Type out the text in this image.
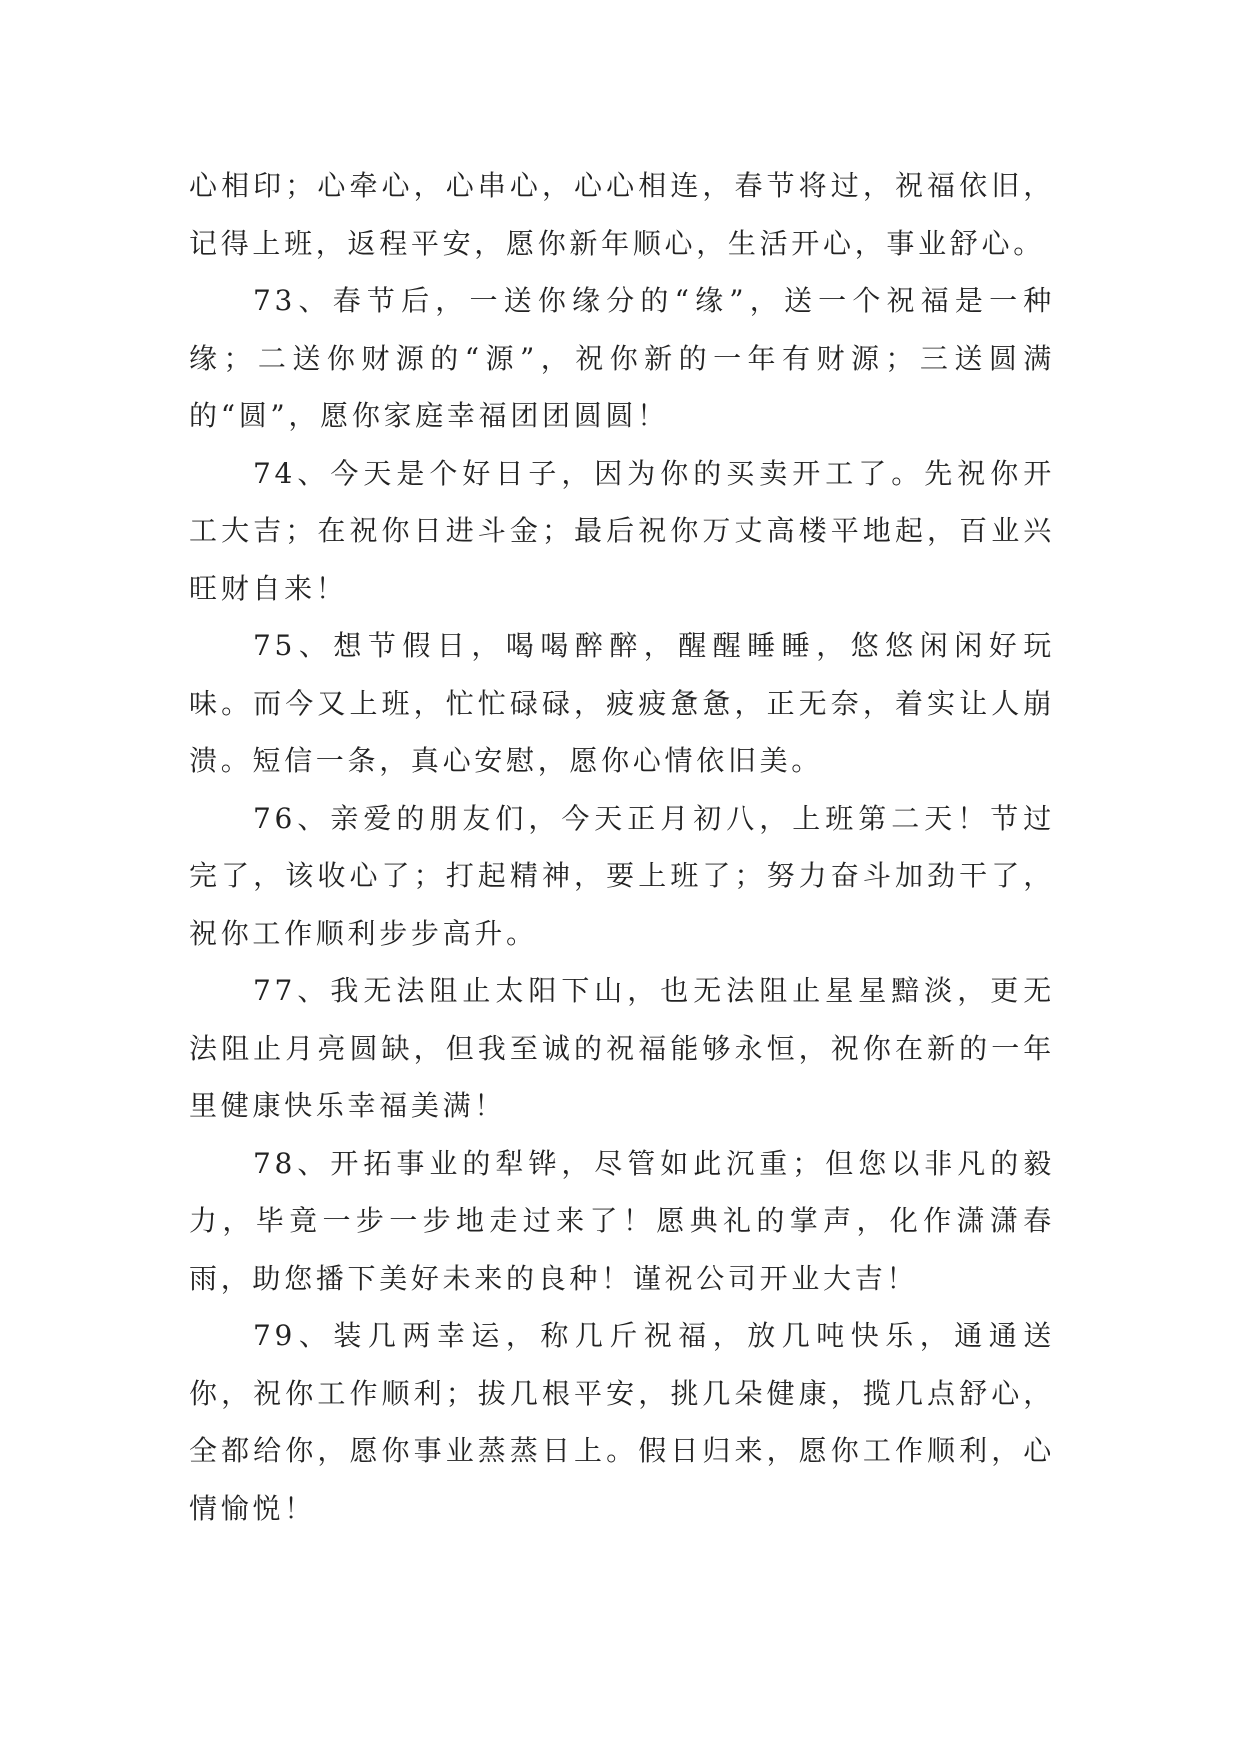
心相印；心牵心，心串心，心心相连，春节将过，祝福依旧，记得上班，返程平安，愿你新年顺心，生活开心，事业舒心。

73、春节后，一送你缘分的“缘”，送一个祝福是一种缘；二送你财源的“源”，祝你新的一年有财源；三送圆满的“圆”，愿你家庭幸福团团圆圆！

74、今天是个好日子，因为你的买卖开工了。先祝你开工大吉；在祝你日进斗金；最后祝你万丈高楼平地起，百业兴旺财自来！

75、想节假日，喝喝醉醉，醒醒睡睡，悠悠闲闲好玩味。而今又上班，忙忙碌碌，疲疲惫惫，正无奈，着实让人崩溃。短信一条，真心安慰，愿你心情依旧美。

76、亲爱的朋友们，今天正月初八，上班第二天！节过完了，该收心了；打起精神，要上班了；努力奋斗加劲干了，祝你工作顺利步步高升。

77、我无法阻止太阳下山，也无法阻止星星黯淡，更无法阻止月亮圆缺，但我至诚的祝福能够永恒，祝你在新的一年里健康快乐幸福美满！

78、开拓事业的犁铧，尽管如此沉重；但您以非凡的毅力，毕竟一步一步地走过来了！愿典礼的掌声，化作潇潇春雨，助您播下美好未来的良种！谨祝公司开业大吉！

79、装几两幸运，称几斤祝福，放几吨快乐，通通送你，祝你工作顺利；拔几根平安，挑几朵健康，揽几点舒心，全都给你，愿你事业蒸蒸日上。假日归来，愿你工作顺利，心情愉悦！
